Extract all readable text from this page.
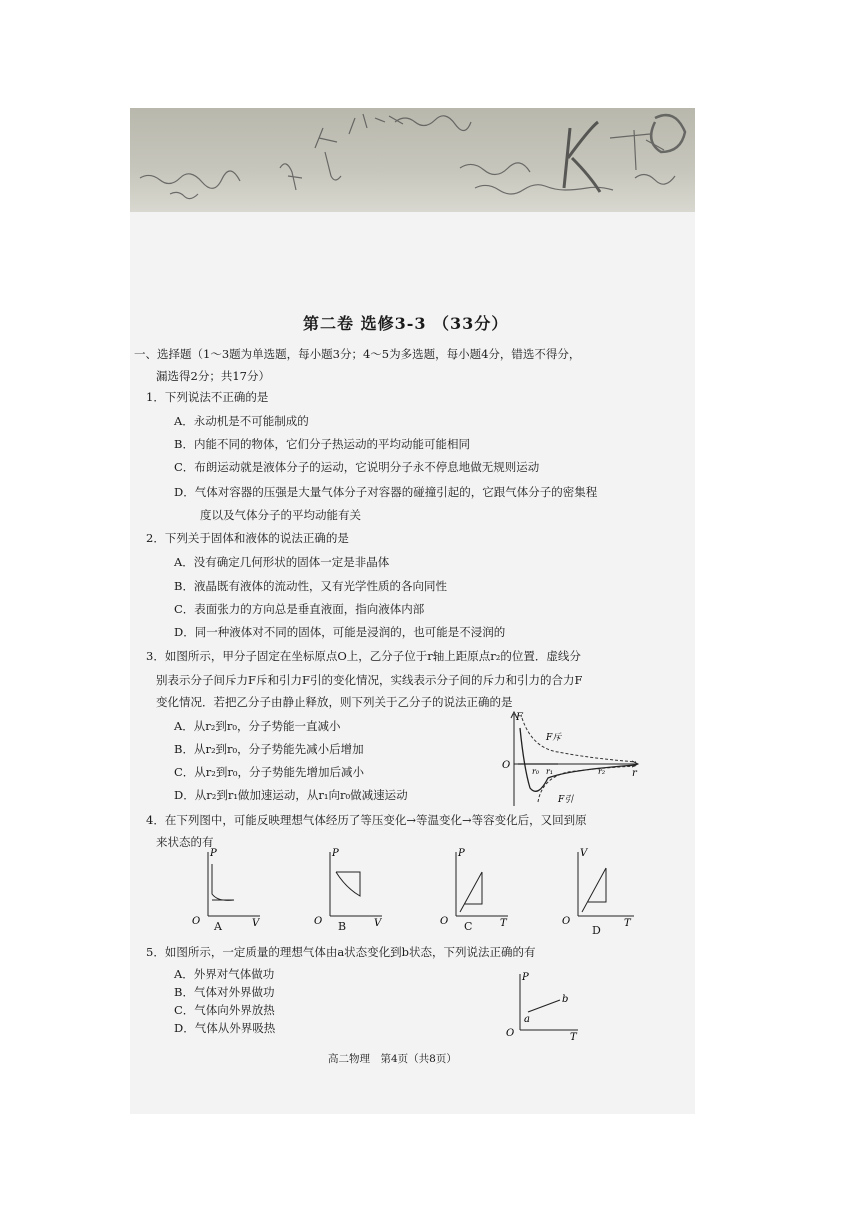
第二卷 选修3-3 （33分）
一、选择题（1～3题为单选题，每小题3分；4～5为多选题，每小题4分，错选不得分，
漏选得2分；共17分）
1．下列说法不正确的是
A．永动机是不可能制成的
B．内能不同的物体，它们分子热运动的平均动能可能相同
C．布朗运动就是液体分子的运动，它说明分子永不停息地做无规则运动
D．气体对容器的压强是大量气体分子对容器的碰撞引起的，它跟气体分子的密集程
度以及气体分子的平均动能有关
2．下列关于固体和液体的说法正确的是
A．没有确定几何形状的固体一定是非晶体
B．液晶既有液体的流动性，又有光学性质的各向同性
C．表面张力的方向总是垂直液面，指向液体内部
D．同一种液体对不同的固体，可能是浸润的，也可能是不浸润的
3．如图所示，甲分子固定在坐标原点O上，乙分子位于r轴上距原点r₂的位置．虚线分
别表示分子间斥力F斥和引力F引的变化情况，实线表示分子间的斥力和引力的合力F
变化情况．若把乙分子由静止释放，则下列关于乙分子的说法正确的是
A．从r₂到r₀，分子势能一直减小
B．从r₂到r₀，分子势能先减小后增加
C．从r₂到r₀，分子势能先增加后减小
D．从r₂到r₁做加速运动，从r₁向r₀做减速运动
F
O
r
F斥
F引
r₀ r₁	r₂
4．在下列图中，可能反映理想气体经历了等压变化→等温变化→等容变化后，又回到原
来状态的有
P
O	V
A
P
O	V
B
P
O	T
C
V
O	T
D
5．如图所示，一定质量的理想气体由a状态变化到b状态，下列说法正确的有
A．外界对气体做功
B．气体对外界做功
C．气体向外界放热
D．气体从外界吸热
P
O	T
a
b
高二物理　第4页（共8页）
